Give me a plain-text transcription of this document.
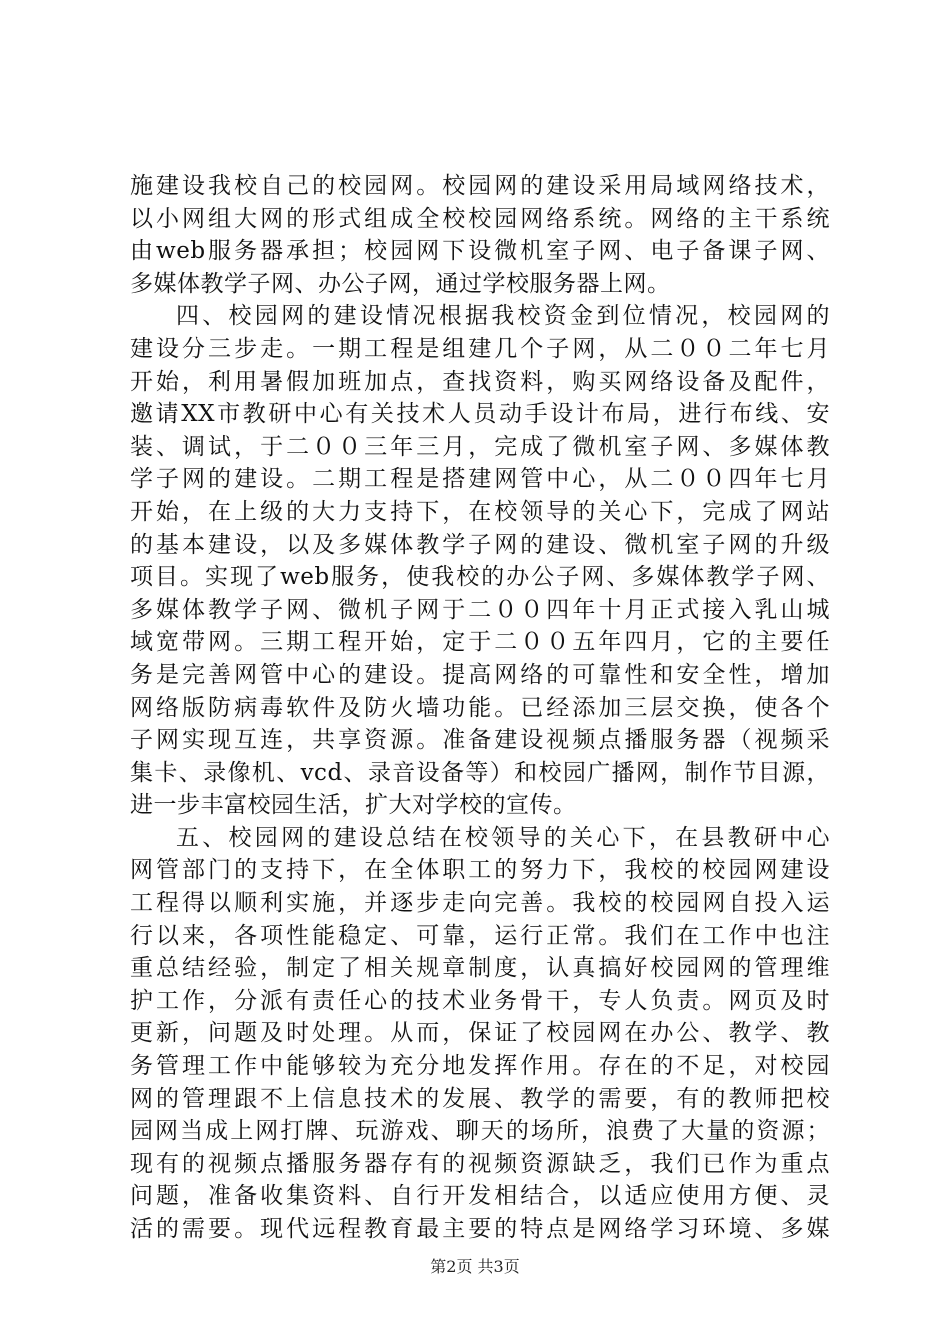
施建设我校自己的校园网。校园网的建设采用局域网络技术，
以小网组大网的形式组成全校校园网络系统。网络的主干系统
由web服务器承担；校园网下设微机室子网、电子备课子网、
多媒体教学子网、办公子网，通过学校服务器上网。
四、校园网的建设情况根据我校资金到位情况，校园网的
建设分三步走。一期工程是组建几个子网，从二００二年七月
开始，利用暑假加班加点，查找资料，购买网络设备及配件，
邀请XX市教研中心有关技术人员动手设计布局，进行布线、安
装、调试，于二００三年三月，完成了微机室子网、多媒体教
学子网的建设。二期工程是搭建网管中心，从二００四年七月
开始，在上级的大力支持下，在校领导的关心下，完成了网站
的基本建设，以及多媒体教学子网的建设、微机室子网的升级
项目。实现了web服务，使我校的办公子网、多媒体教学子网、
多媒体教学子网、微机子网于二００四年十月正式接入乳山城
域宽带网。三期工程开始，定于二００五年四月，它的主要任
务是完善网管中心的建设。提高网络的可靠性和安全性，增加
网络版防病毒软件及防火墙功能。已经添加三层交换，使各个
子网实现互连，共享资源。准备建设视频点播服务器（视频采
集卡、录像机、vcd、录音设备等）和校园广播网，制作节目源，
进一步丰富校园生活，扩大对学校的宣传。
五、校园网的建设总结在校领导的关心下，在县教研中心
网管部门的支持下，在全体职工的努力下，我校的校园网建设
工程得以顺利实施，并逐步走向完善。我校的校园网自投入运
行以来，各项性能稳定、可靠，运行正常。我们在工作中也注
重总结经验，制定了相关规章制度，认真搞好校园网的管理维
护工作，分派有责任心的技术业务骨干，专人负责。网页及时
更新，问题及时处理。从而，保证了校园网在办公、教学、教
务管理工作中能够较为充分地发挥作用。存在的不足，对校园
网的管理跟不上信息技术的发展、教学的需要，有的教师把校
园网当成上网打牌、玩游戏、聊天的场所，浪费了大量的资源；
现有的视频点播服务器存有的视频资源缺乏，我们已作为重点
问题，准备收集资料、自行开发相结合，以适应使用方便、灵
活的需要。现代远程教育最主要的特点是网络学习环境、多媒
第2页 共3页
